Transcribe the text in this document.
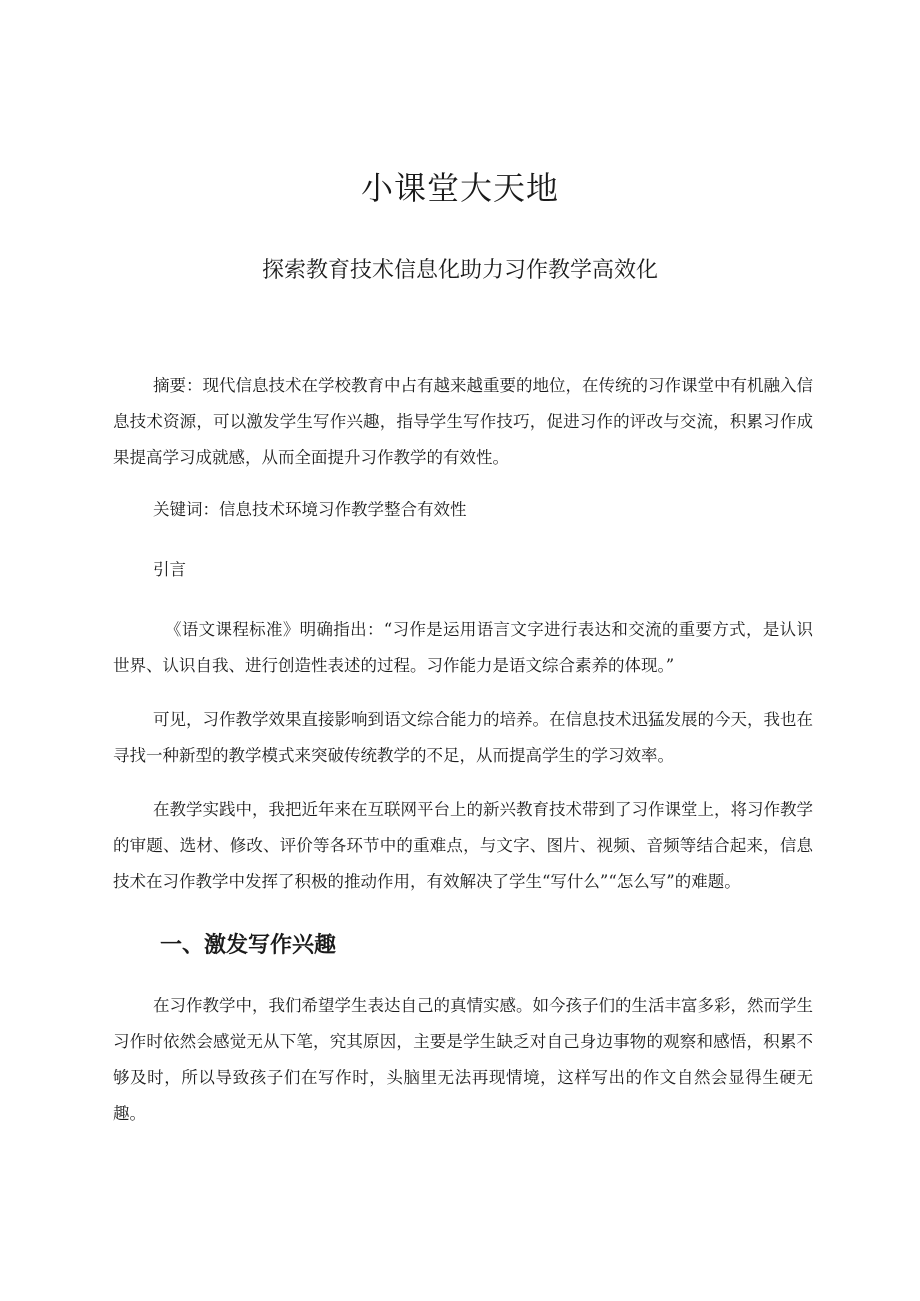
小课堂大天地
探索教育技术信息化助力习作教学高效化

摘要：现代信息技术在学校教育中占有越来越重要的地位，在传统的习作课堂中有机融入信息技术资源，可以激发学生写作兴趣，指导学生写作技巧，促进习作的评改与交流，积累习作成果提高学习成就感，从而全面提升习作教学的有效性。

关键词：信息技术环境习作教学整合有效性

引言

《语文课程标准》明确指出：“习作是运用语言文字进行表达和交流的重要方式，是认识世界、认识自我、进行创造性表述的过程。习作能力是语文综合素养的体现。”

可见，习作教学效果直接影响到语文综合能力的培养。在信息技术迅猛发展的今天，我也在寻找一种新型的教学模式来突破传统教学的不足，从而提高学生的学习效率。

在教学实践中，我把近年来在互联网平台上的新兴教育技术带到了习作课堂上，将习作教学的审题、选材、修改、评价等各环节中的重难点，与文字、图片、视频、音频等结合起来，信息技术在习作教学中发挥了积极的推动作用，有效解决了学生“写什么”“怎么写”的难题。

一、激发写作兴趣

在习作教学中，我们希望学生表达自己的真情实感。如今孩子们的生活丰富多彩，然而学生习作时依然会感觉无从下笔，究其原因，主要是学生缺乏对自己身边事物的观察和感悟，积累不够及时，所以导致孩子们在写作时，头脑里无法再现情境，这样写出的作文自然会显得生硬无趣。
